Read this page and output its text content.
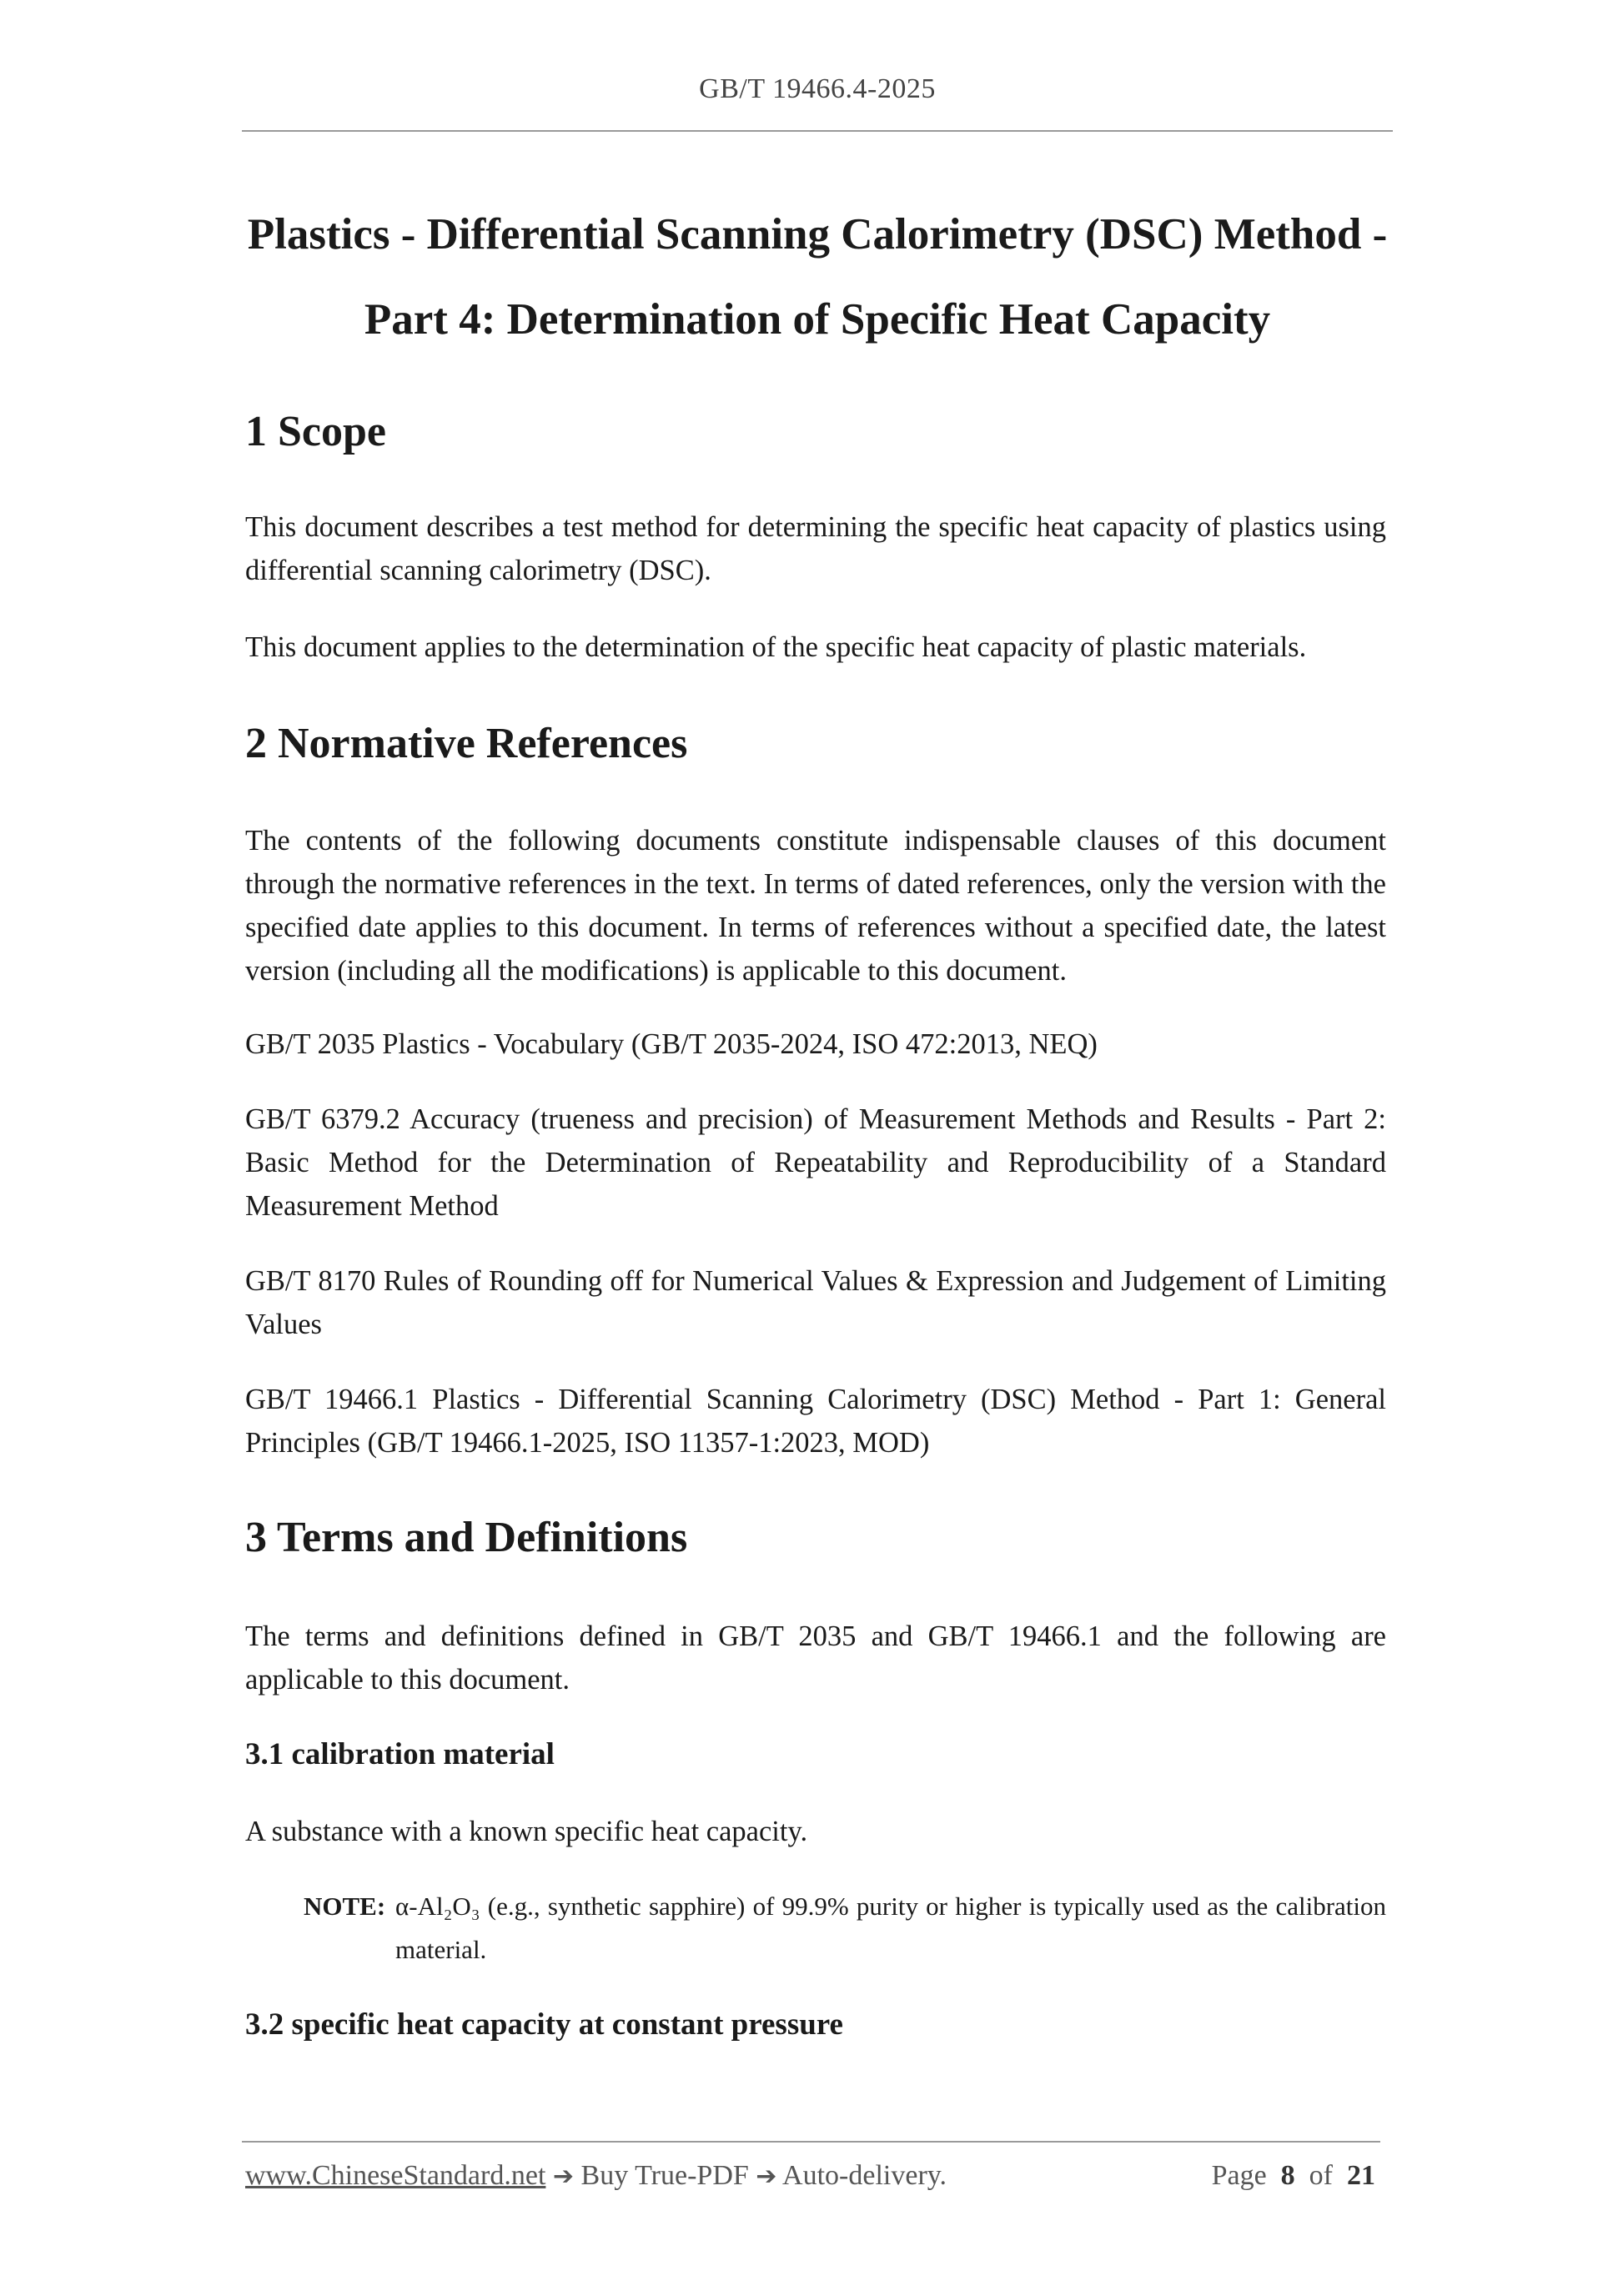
GB/T 19466.4-2025
Plastics - Differential Scanning Calorimetry (DSC) Method -
Part 4: Determination of Specific Heat Capacity
1 Scope

This document describes a test method for determining the specific heat capacity of plastics using differential scanning calorimetry (DSC).

This document applies to the determination of the specific heat capacity of plastic materials.

2 Normative References

The contents of the following documents constitute indispensable clauses of this document through the normative references in the text. In terms of dated references, only the version with the specified date applies to this document. In terms of references without a specified date, the latest version (including all the modifications) is applicable to this document.

GB/T 2035 Plastics - Vocabulary (GB/T 2035-2024, ISO 472:2013, NEQ)

GB/T 6379.2 Accuracy (trueness and precision) of Measurement Methods and Results - Part 2: Basic Method for the Determination of Repeatability and Reproducibility of a Standard Measurement Method

GB/T 8170 Rules of Rounding off for Numerical Values & Expression and Judgement of Limiting Values

GB/T 19466.1 Plastics - Differential Scanning Calorimetry (DSC) Method - Part 1: General Principles (GB/T 19466.1-2025, ISO 11357-1:2023, MOD)

3 Terms and Definitions

The terms and definitions defined in GB/T 2035 and GB/T 19466.1 and the following are applicable to this document.

3.1 calibration material

A substance with a known specific heat capacity.

NOTE: α-Al₂O₃ (e.g., synthetic sapphire) of 99.9% purity or higher is typically used as the calibration material.

3.2 specific heat capacity at constant pressure
www.ChineseStandard.net ➔ Buy True-PDF ➔ Auto-delivery.	Page 8 of 21
